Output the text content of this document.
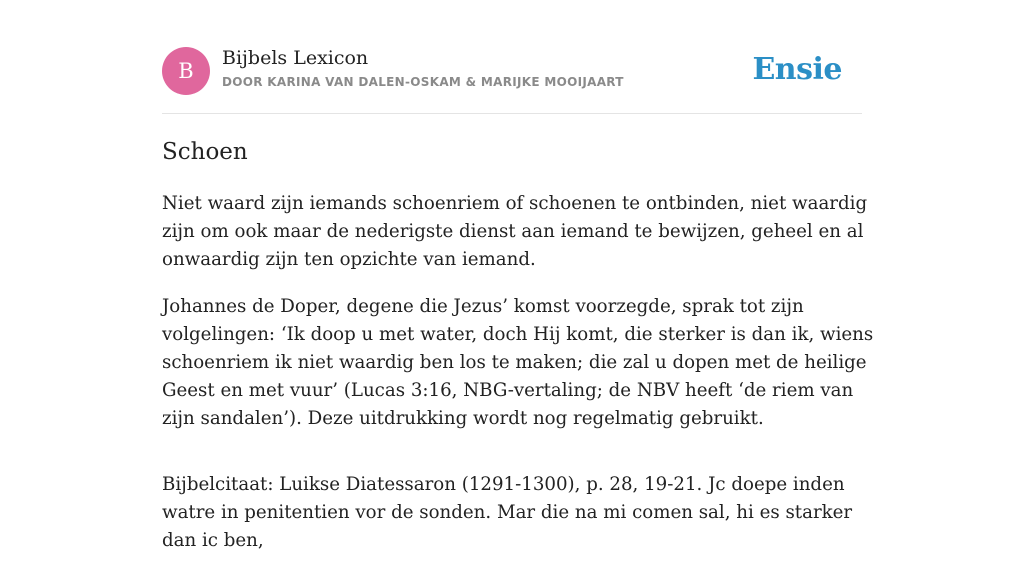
B
Bijbels Lexicon
DOOR KARINA VAN DALEN-OSKAM & MARIJKE MOOIJAART	Ensie
Schoen

Niet waard zijn iemands schoenriem of schoenen te ontbinden, niet waardig zijn om ook maar de nederigste dienst aan iemand te bewijzen, geheel en al onwaardig zijn ten opzichte van iemand.

Johannes de Doper, degene die Jezus’ komst voorzegde, sprak tot zijn volgelingen: ‘Ik doop u met water, doch Hij komt, die sterker is dan ik, wiens schoenriem ik niet waardig ben los te maken; die zal u dopen met de heilige Geest en met vuur’ (Lucas 3:16, NBG-vertaling; de NBV heeft ‘de riem van zijn sandalen’). Deze uitdrukking wordt nog regelmatig gebruikt.

Bijbelcitaat: Luikse Diatessaron (1291-1300), p. 28, 19-21. Jc doepe inden watre in penitentien vor de sonden. Mar die na mi comen sal, hi es starker dan ic ben,
